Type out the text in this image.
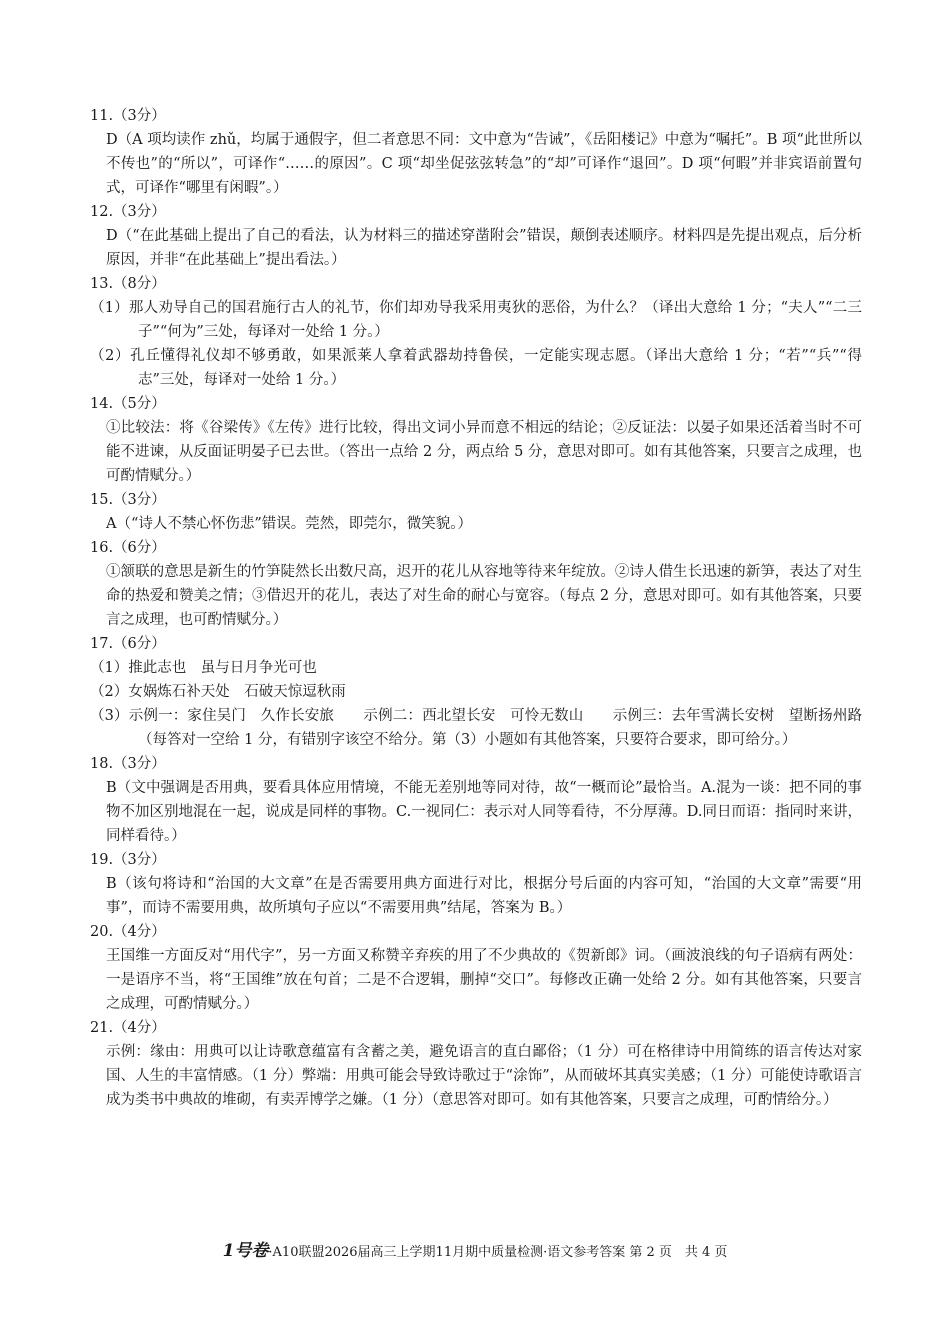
11.（3分）

D（A 项均读作 zhǔ，均属于通假字，但二者意思不同：文中意为“告诫”，《岳阳楼记》中意为“嘱托”。B 项“此世所以不传也”的“所以”，可译作“……的原因”。C 项“却坐促弦弦转急”的“却”可译作“退回”。D 项“何暇”并非宾语前置句式，可译作“哪里有闲暇”。）

12.（3分）

D（“在此基础上提出了自己的看法，认为材料三的描述穿凿附会”错误，颠倒表述顺序。材料四是先提出观点，后分析原因，并非“在此基础上”提出看法。）

13.（8分）

（1）那人劝导自己的国君施行古人的礼节，你们却劝导我采用夷狄的恶俗，为什么？（译出大意给 1 分；“夫人”“二三子”“何为”三处，每译对一处给 1 分。）

（2）孔丘懂得礼仪却不够勇敢，如果派莱人拿着武器劫持鲁侯，一定能实现志愿。（译出大意给 1 分；“若”“兵”“得志”三处，每译对一处给 1 分。）

14.（5分）

①比较法：将《谷梁传》《左传》进行比较，得出文词小异而意不相远的结论；②反证法：以晏子如果还活着当时不可能不进谏，从反面证明晏子已去世。（答出一点给 2 分，两点给 5 分，意思对即可。如有其他答案，只要言之成理，也可酌情赋分。）

15.（3分）

A（“诗人不禁心怀伤悲”错误。莞然，即莞尔，微笑貌。）

16.（6分）

①颔联的意思是新生的竹笋陡然长出数尺高，迟开的花儿从容地等待来年绽放。②诗人借生长迅速的新笋，表达了对生命的热爱和赞美之情；③借迟开的花儿，表达了对生命的耐心与宽容。（每点 2 分，意思对即可。如有其他答案，只要言之成理，也可酌情赋分。）

17.（6分）

（1）推此志也　虽与日月争光可也

（2）女娲炼石补天处　石破天惊逗秋雨

（3）示例一：家住吴门　久作长安旅　　示例二：西北望长安　可怜无数山　　示例三：去年雪满长安树　望断扬州路（每答对一空给 1 分，有错别字该空不给分。第（3）小题如有其他答案，只要符合要求，即可给分。）

18.（3分）

B（文中强调是否用典，要看具体应用情境，不能无差别地等同对待，故“一概而论”最恰当。A.混为一谈：把不同的事物不加区别地混在一起，说成是同样的事物。C.一视同仁：表示对人同等看待，不分厚薄。D.同日而语：指同时来讲，同样看待。）

19.（3分）

B（该句将诗和“治国的大文章”在是否需要用典方面进行对比，根据分号后面的内容可知，“治国的大文章”需要“用事”，而诗不需要用典，故所填句子应以“不需要用典”结尾，答案为 B。）

20.（4分）

王国维一方面反对“用代字”，另一方面又称赞辛弃疾的用了不少典故的《贺新郎》词。（画波浪线的句子语病有两处：一是语序不当，将“王国维”放在句首；二是不合逻辑，删掉“交口”。每修改正确一处给 2 分。如有其他答案，只要言之成理，可酌情赋分。）

21.（4分）

示例：缘由：用典可以让诗歌意蕴富有含蓄之美，避免语言的直白鄙俗；（1 分）可在格律诗中用简练的语言传达对家国、人生的丰富情感。（1 分）弊端：用典可能会导致诗歌过于“涂饰”，从而破坏其真实美感；（1 分）可能使诗歌语言成为类书中典故的堆砌，有卖弄博学之嫌。（1 分）（意思答对即可。如有其他答案，只要言之成理，可酌情给分。）

1号卷·A10联盟2026届高三上学期11月期中质量检测·语文参考答案 第 2 页　共 4 页
